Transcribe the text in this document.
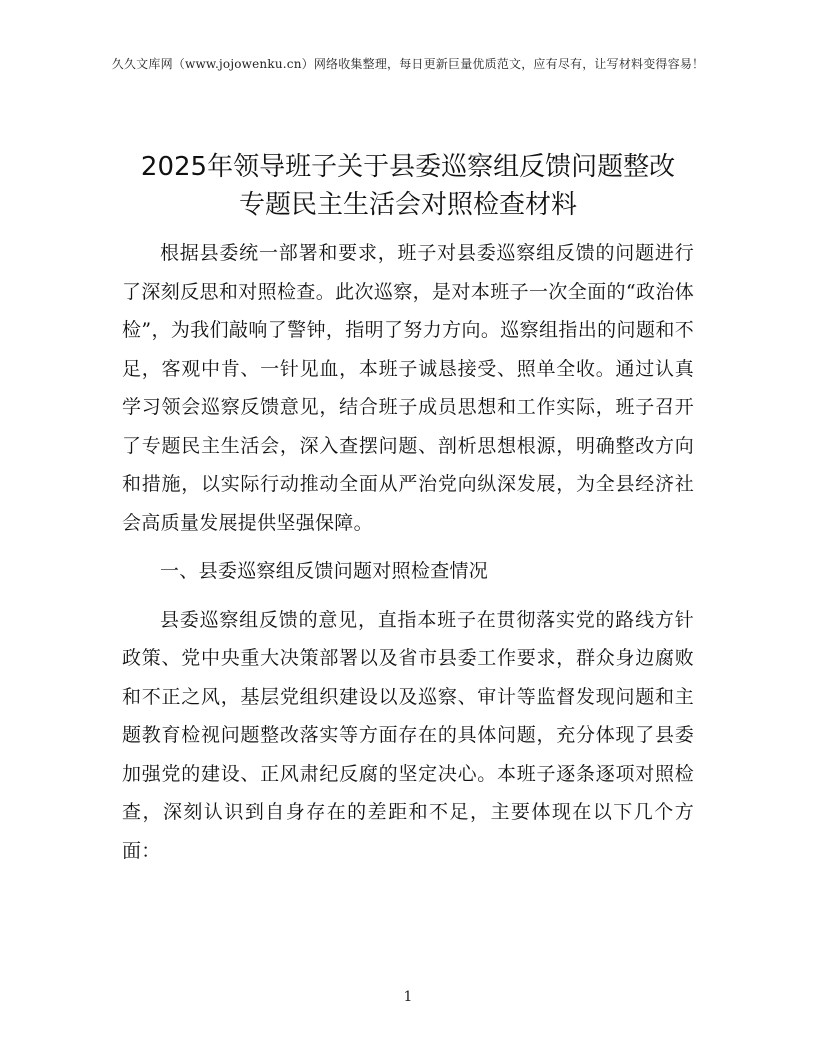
久久文库网（www.jojowenku.cn）网络收集整理，每日更新巨量优质范文，应有尽有，让写材料变得容易！
2025年领导班子关于县委巡察组反馈问题整改
专题民主生活会对照检查材料

根据县委统一部署和要求，班子对县委巡察组反馈的问题进行了深刻反思和对照检查。此次巡察，是对本班子一次全面的“政治体检”，为我们敲响了警钟，指明了努力方向。巡察组指出的问题和不足，客观中肯、一针见血，本班子诚恳接受、照单全收。通过认真学习领会巡察反馈意见，结合班子成员思想和工作实际，班子召开了专题民主生活会，深入查摆问题、剖析思想根源，明确整改方向和措施，以实际行动推动全面从严治党向纵深发展，为全县经济社会高质量发展提供坚强保障。

一、县委巡察组反馈问题对照检查情况

县委巡察组反馈的意见，直指本班子在贯彻落实党的路线方针政策、党中央重大决策部署以及省市县委工作要求，群众身边腐败和不正之风，基层党组织建设以及巡察、审计等监督发现问题和主题教育检视问题整改落实等方面存在的具体问题，充分体现了县委加强党的建设、正风肃纪反腐的坚定决心。本班子逐条逐项对照检查，深刻认识到自身存在的差距和不足，主要体现在以下几个方面：

1
